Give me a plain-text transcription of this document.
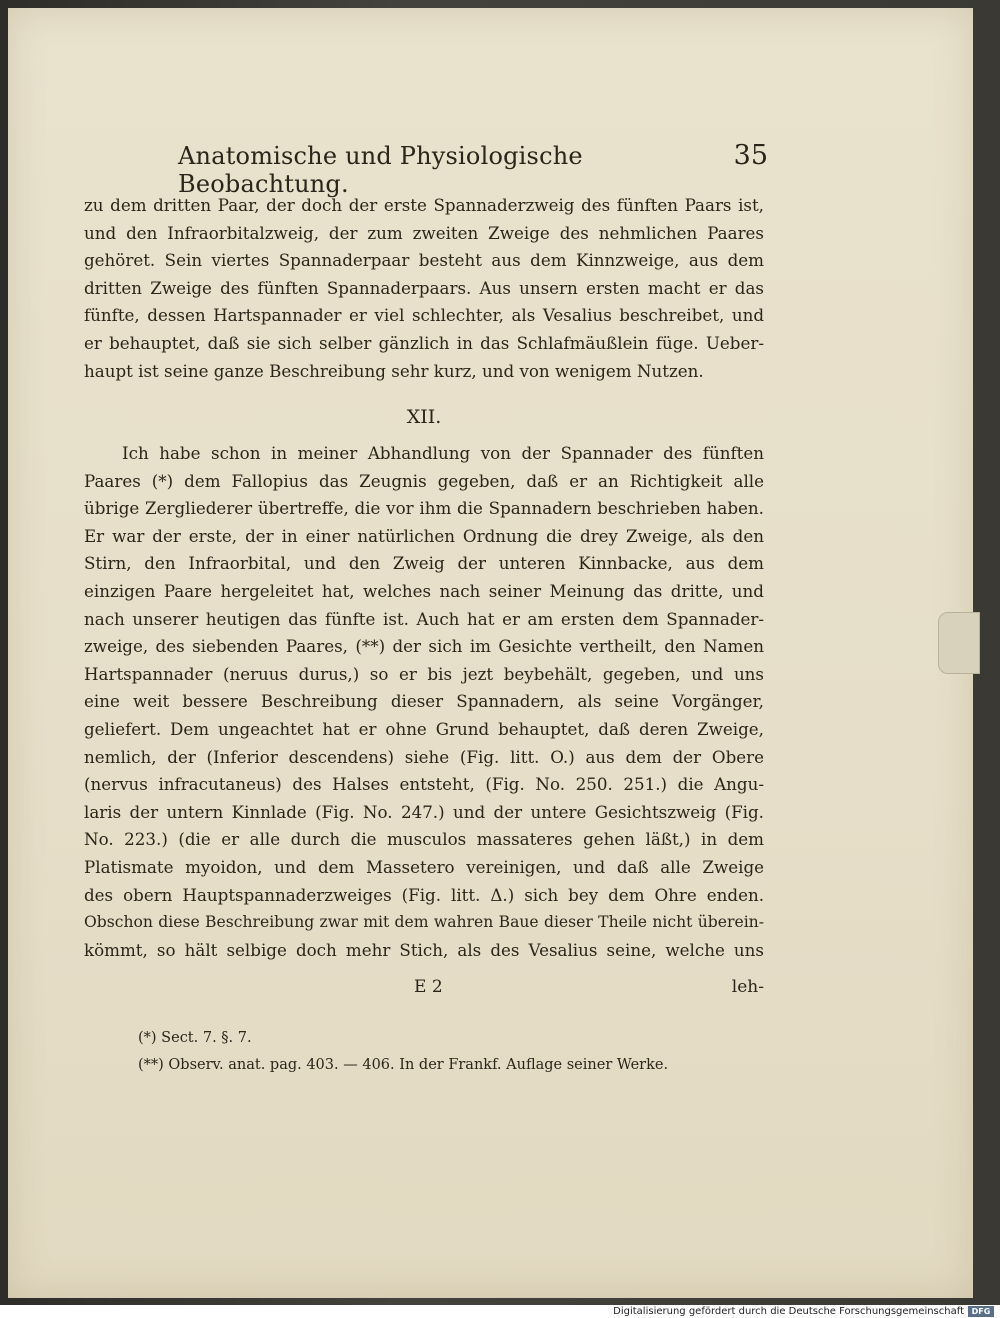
Anatomische und Physiologische Beobachtung.
35
zu dem dritten Paar, der doch der erste Spannaderzweig des fünften Paars ist,
und den Infraorbitalzweig, der zum zweiten Zweige des nehmlichen Paares
gehöret. Sein viertes Spannaderpaar besteht aus dem Kinnzweige, aus dem
dritten Zweige des fünften Spannaderpaars. Aus unsern ersten macht er das
fünfte, dessen Hartspannader er viel schlechter, als Vesalius beschreibet, und
er behauptet, daß sie sich selber gänzlich in das Schlafmäußlein füge. Ueber-
haupt ist seine ganze Beschreibung sehr kurz, und von wenigem Nutzen.
XII.
Ich habe schon in meiner Abhandlung von der Spannader des fünften
Paares (*) dem Fallopius das Zeugnis gegeben, daß er an Richtigkeit alle
übrige Zergliederer übertreffe, die vor ihm die Spannadern beschrieben haben.
Er war der erste, der in einer natürlichen Ordnung die drey Zweige, als den
Stirn, den Infraorbital, und den Zweig der unteren Kinnbacke, aus dem
einzigen Paare hergeleitet hat, welches nach seiner Meinung das dritte, und
nach unserer heutigen das fünfte ist. Auch hat er am ersten dem Spannader-
zweige, des siebenden Paares, (**) der sich im Gesichte vertheilt, den Namen
Hartspannader (neruus durus,) so er bis jezt beybehält, gegeben, und uns
eine weit bessere Beschreibung dieser Spannadern, als seine Vorgänger,
geliefert. Dem ungeachtet hat er ohne Grund behauptet, daß deren Zweige,
nemlich, der (Inferior descendens) siehe (Fig. litt. O.) aus dem der Obere
(nervus infracutaneus) des Halses entsteht, (Fig. No. 250. 251.) die Angu-
laris der untern Kinnlade (Fig. No. 247.) und der untere Gesichtszweig (Fig.
No. 223.) (die er alle durch die musculos massateres gehen läßt,) in dem
Platismate myoidon, und dem Massetero vereinigen, und daß alle Zweige
des obern Hauptspannaderzweiges (Fig. litt. Δ.) sich bey dem Ohre enden.
Obschon diese Beschreibung zwar mit dem wahren Baue dieser Theile nicht überein-
kömmt, so hält selbige doch mehr Stich, als des Vesalius seine, welche uns
E 2	leh-
(*) Sect. 7. §. 7.
(**) Observ. anat. pag. 403. — 406. In der Frankf. Auflage seiner Werke.
Digitalisierung gefördert durch die Deutsche Forschungsgemeinschaft DFG
